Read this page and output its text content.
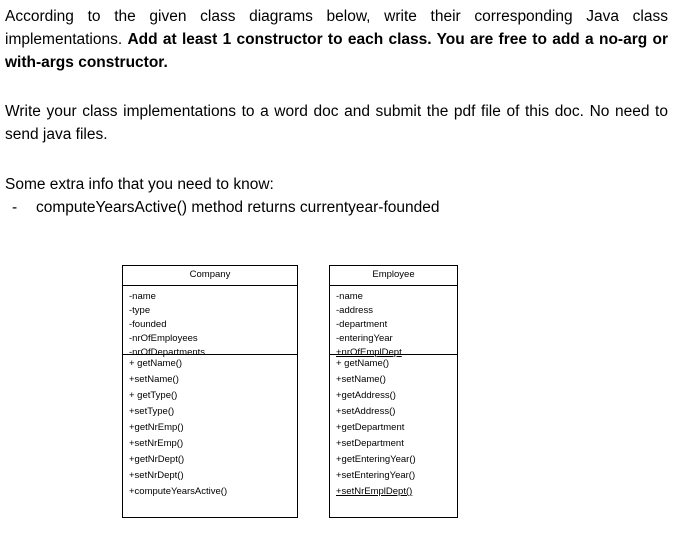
According to the given class diagrams below, write their corresponding Java class implementations. Add at least 1 constructor to each class. You are free to add a no-arg or with-args constructor.
Write your class implementations to a word doc and submit the pdf file of this doc. No need to send java files.
Some extra info that you need to know:
- computeYearsActive() method returns currentyear-founded
Company
-name
-type
-founded
-nrOfEmployees
-nrOfDepartments
+ getName()
+setName()
+ getType()
+setType()
+getNrEmp()
+setNrEmp()
+getNrDept()
+setNrDept()
+computeYearsActive()
Employee
-name
-address
-department
-enteringYear
+nrOfEmplDept
+ getName()
+setName()
+getAddress()
+setAddress()
+getDepartment
+setDepartment
+getEnteringYear()
+setEnteringYear()
+setNrEmplDept()
